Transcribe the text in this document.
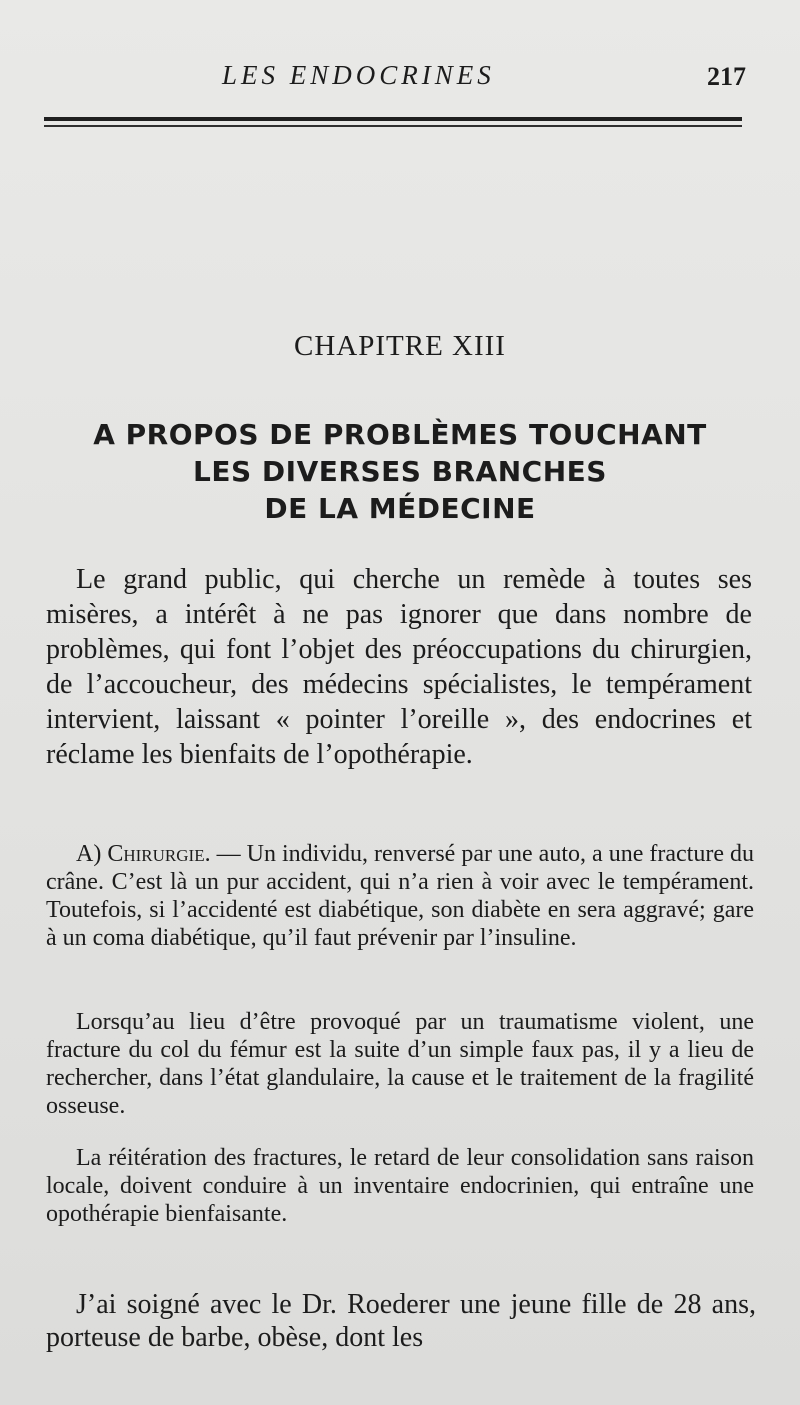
LES ENDOCRINES	217
CHAPITRE XIII
A PROPOS DE PROBLÈMES TOUCHANT
LES DIVERSES BRANCHES
DE LA MÉDECINE

Le grand public, qui cherche un remède à toutes ses misères, a intérêt à ne pas ignorer que dans nombre de problèmes, qui font l’objet des préoccupations du chirurgien, de l’accoucheur, des médecins spécialistes, le tempérament intervient, laissant « pointer l’oreille », des endocrines et réclame les bienfaits de l’opothérapie.

A) Chirurgie. — Un individu, renversé par une auto, a une fracture du crâne. C’est là un pur accident, qui n’a rien à voir avec le tempérament. Toutefois, si l’accidenté est diabétique, son diabète en sera aggravé; gare à un coma diabétique, qu’il faut prévenir par l’insuline.

Lorsqu’au lieu d’être provoqué par un traumatisme violent, une fracture du col du fémur est la suite d’un simple faux pas, il y a lieu de rechercher, dans l’état glandulaire, la cause et le traitement de la fragilité osseuse.

La réitération des fractures, le retard de leur consolidation sans raison locale, doivent conduire à un inventaire endocrinien, qui entraîne une opothérapie bienfaisante.

J’ai soigné avec le Dr. Roederer une jeune fille de 28 ans, porteuse de barbe, obèse, dont les
